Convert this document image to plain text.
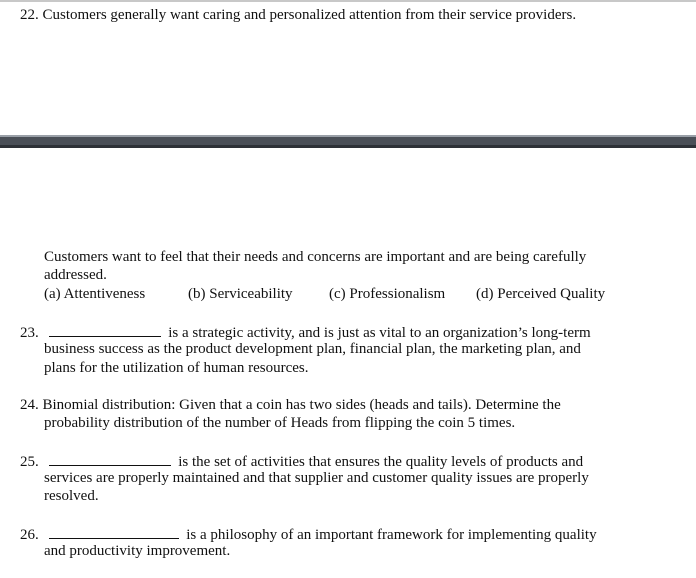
22. Customers generally want caring and personalized attention from their service providers.
Customers want to feel that their needs and concerns are important and are being carefully
addressed.
(a) Attentiveness	(b) Serviceability (c) Professionalism (d) Perceived Quality
23.	is a strategic activity, and is just as vital to an organization’s long-term
business success as the product development plan, financial plan, the marketing plan, and
plans for the utilization of human resources.
24. Binomial distribution: Given that a coin has two sides (heads and tails). Determine the
probability distribution of the number of Heads from flipping the coin 5 times.
25.	is the set of activities that ensures the quality levels of products and
services are properly maintained and that supplier and customer quality issues are properly
resolved.
26.	is a philosophy of an important framework for implementing quality
and productivity improvement.
